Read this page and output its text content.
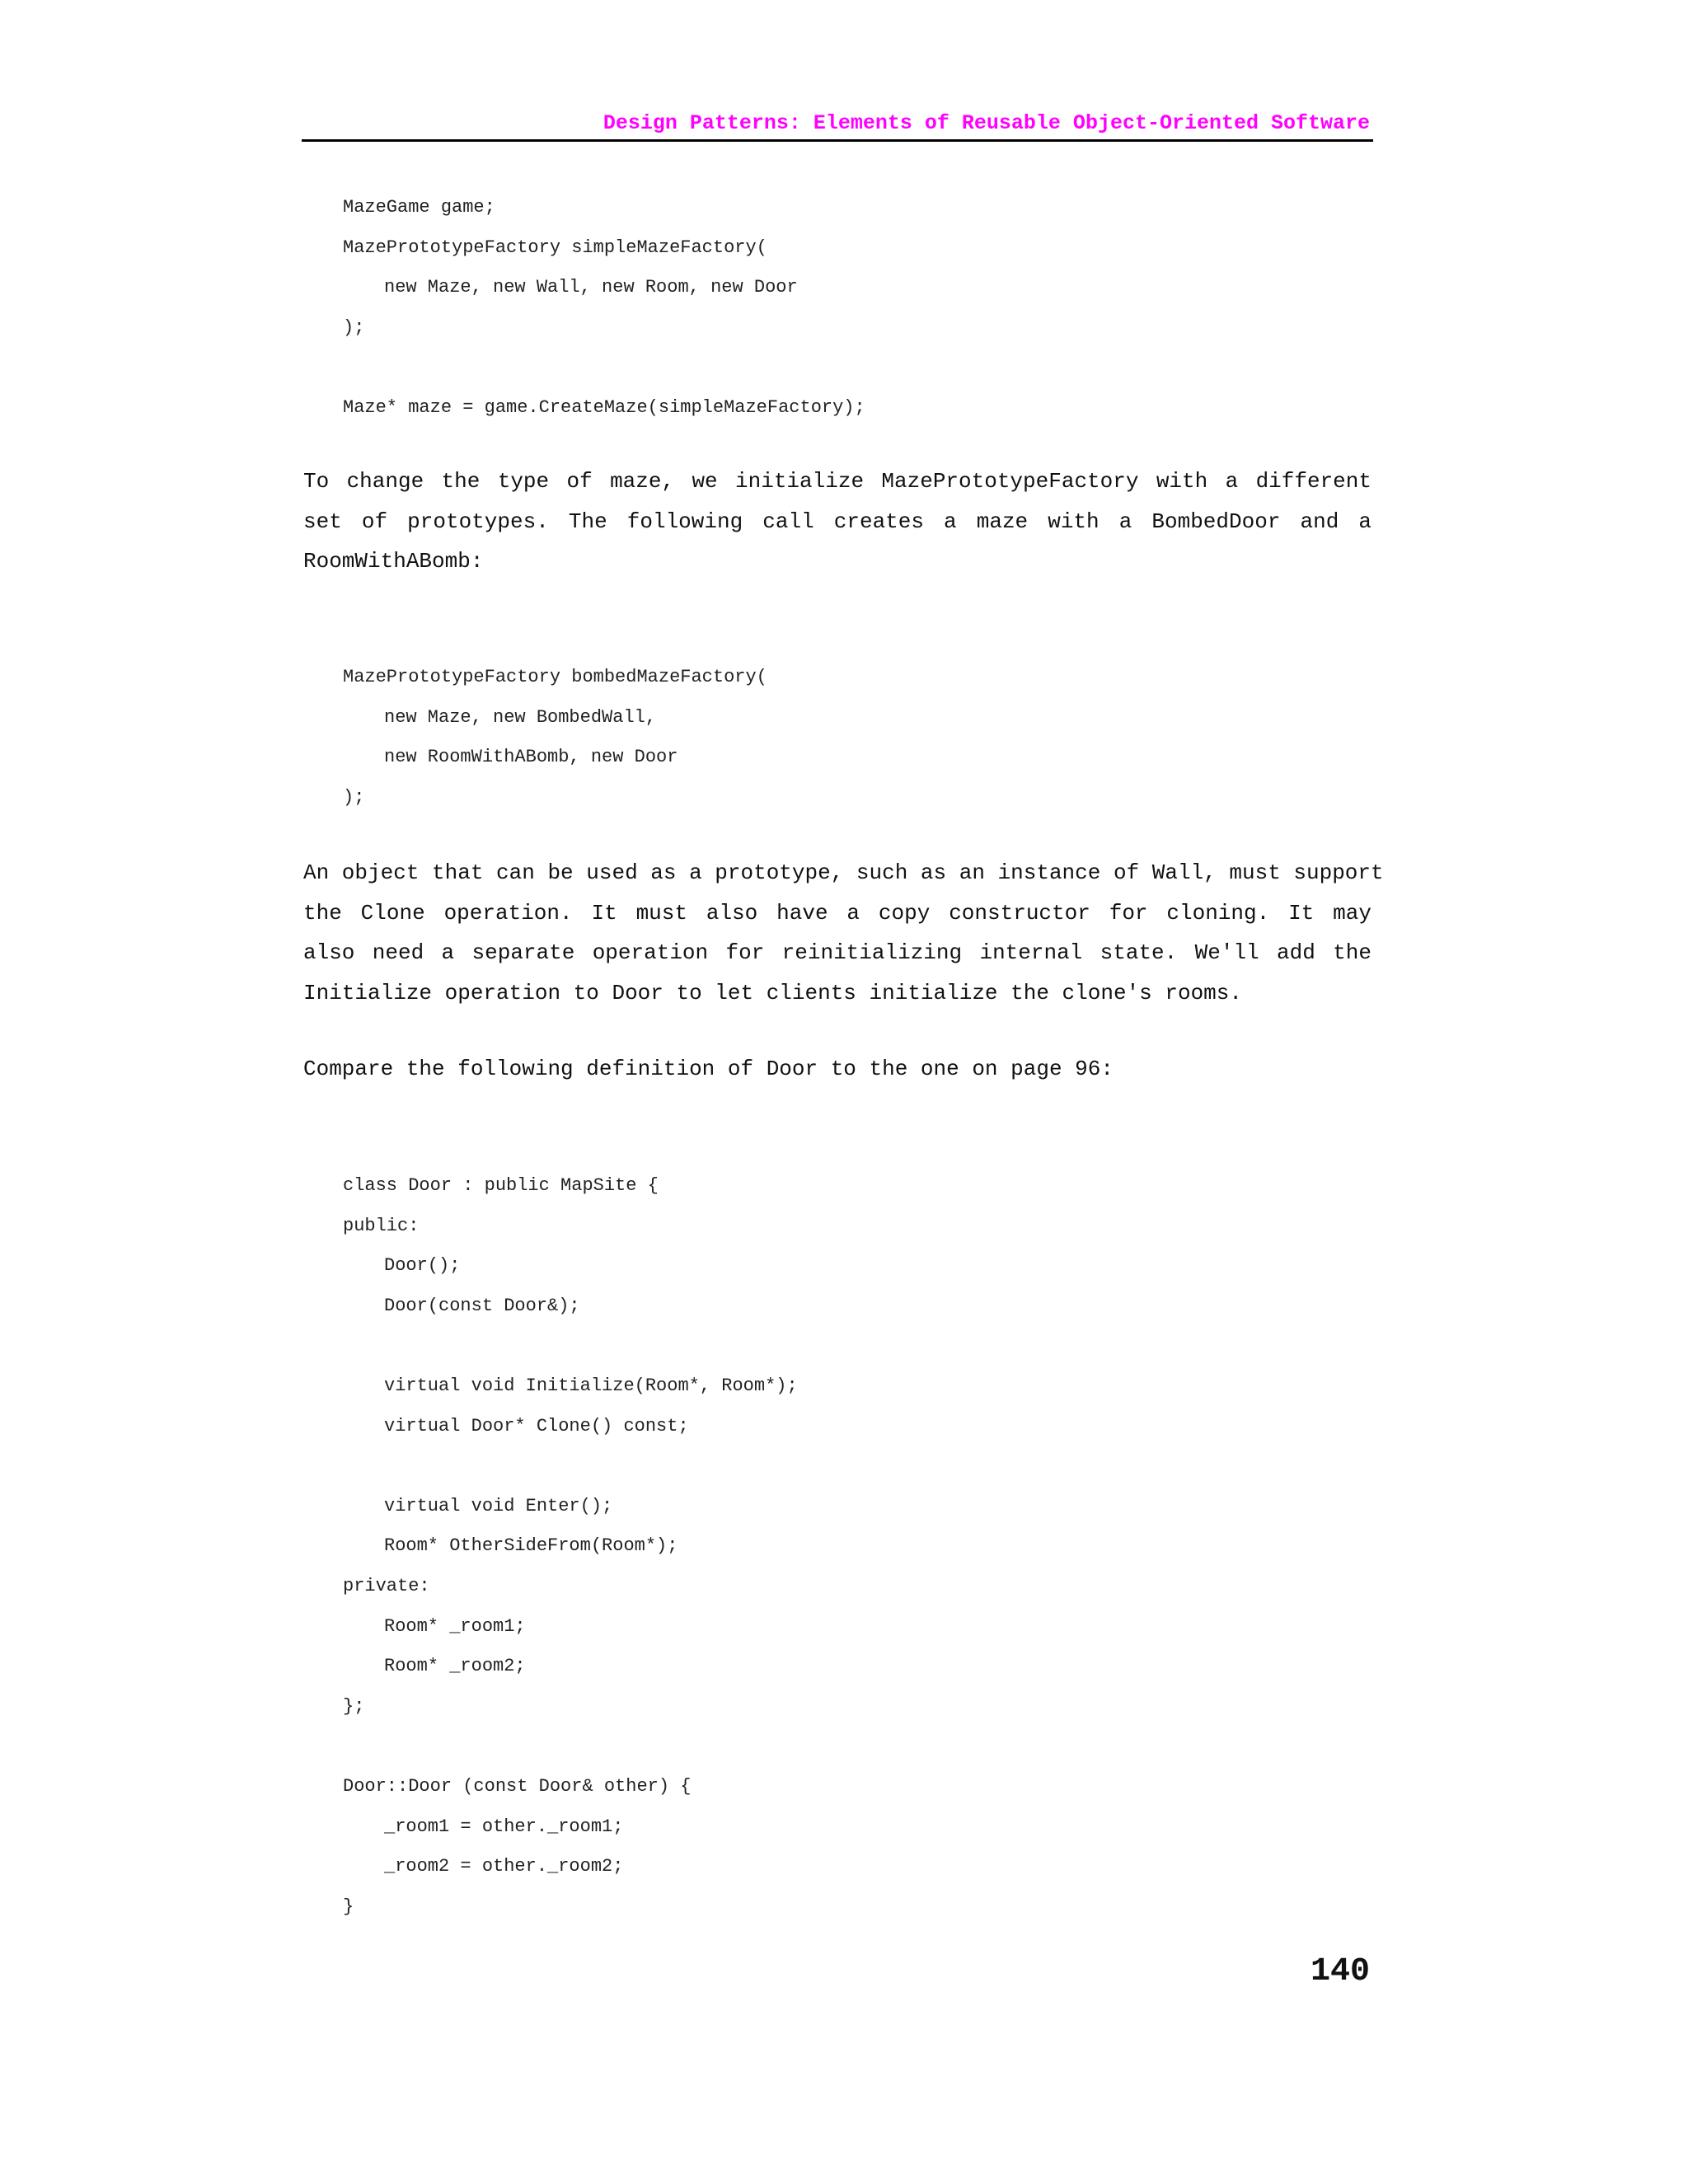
Design Patterns: Elements of Reusable Object-Oriented Software
MazeGame game;
MazePrototypeFactory simpleMazeFactory(
new Maze, new Wall, new Room, new Door
);
Maze* maze = game.CreateMaze(simpleMazeFactory);
To change the type of maze, we initialize MazePrototypeFactory with a different
set of prototypes. The following call creates a maze with a BombedDoor and a
RoomWithABomb:
MazePrototypeFactory bombedMazeFactory(
new Maze, new BombedWall,
new RoomWithABomb, new Door
);
An object that can be used as a prototype, such as an instance of Wall, must support
the Clone operation. It must also have a copy constructor for cloning. It may
also need a separate operation for reinitializing internal state. We'll add the
Initialize operation to Door to let clients initialize the clone's rooms.
Compare the following definition of Door to the one on page 96:
class Door : public MapSite {
public:
Door();
Door(const Door&);
virtual void Initialize(Room*, Room*);
virtual Door* Clone() const;
virtual void Enter();
Room* OtherSideFrom(Room*);
private:
Room* _room1;
Room* _room2;
};
Door::Door (const Door& other) {
_room1 = other._room1;
_room2 = other._room2;
}
140
